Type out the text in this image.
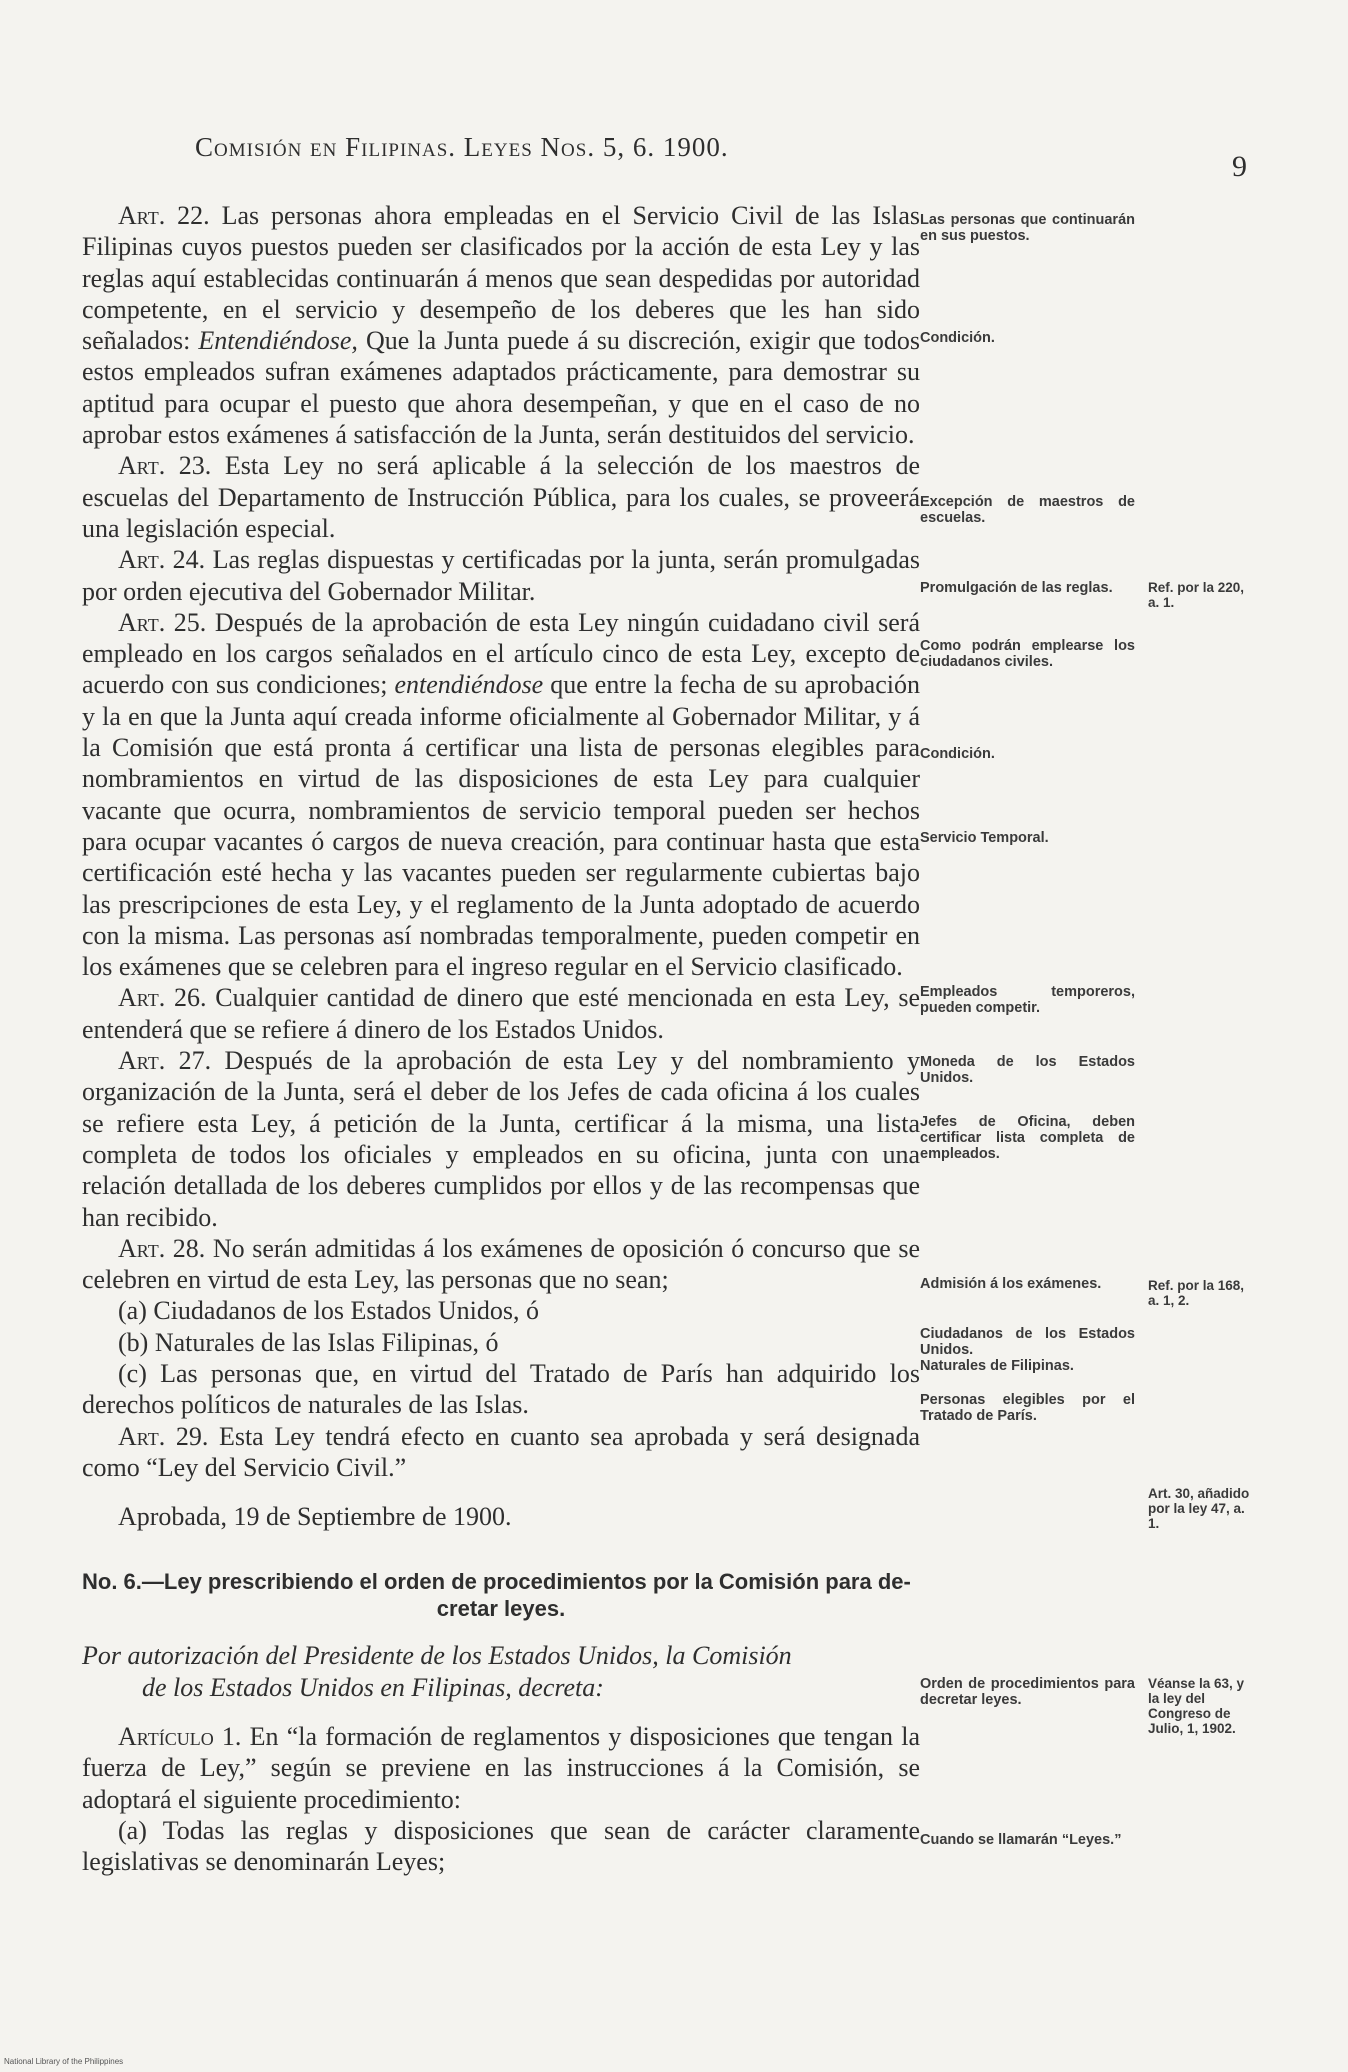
Comisión en Filipinas. Leyes Nos. 5, 6. 1900.
9

Art. 22. Las personas ahora empleadas en el Servicio Civil de las Islas Filipinas cuyos puestos pueden ser clasificados por la acción de esta Ley y las reglas aquí establecidas continuarán á menos que sean despedidas por autoridad competente, en el servicio y desempeño de los deberes que les han sido señalados: Entendiéndose, Que la Junta puede á su discreción, exigir que todos estos empleados sufran exámenes adaptados prácticamente, para demostrar su aptitud para ocupar el puesto que ahora desempeñan, y que en el caso de no aprobar estos exámenes á satisfacción de la Junta, serán destituidos del servicio.

Art. 23. Esta Ley no será aplicable á la selección de los maestros de escuelas del Departamento de Instrucción Pública, para los cuales, se proveerá una legislación especial.

Art. 24. Las reglas dispuestas y certificadas por la junta, serán promulgadas por orden ejecutiva del Gobernador Militar.

Art. 25. Después de la aprobación de esta Ley ningún cuidadano civil será empleado en los cargos señalados en el artículo cinco de esta Ley, excepto de acuerdo con sus condiciones; entendiéndose que entre la fecha de su aprobación y la en que la Junta aquí creada informe oficialmente al Gobernador Militar, y á la Comisión que está pronta á certificar una lista de personas elegibles para nombramientos en virtud de las disposiciones de esta Ley para cualquier vacante que ocurra, nombramientos de servicio temporal pueden ser hechos para ocupar vacantes ó cargos de nueva creación, para continuar hasta que esta certificación esté hecha y las vacantes pueden ser regularmente cubiertas bajo las prescripciones de esta Ley, y el reglamento de la Junta adoptado de acuerdo con la misma. Las personas así nombradas temporalmente, pueden competir en los exámenes que se celebren para el ingreso regular en el Servicio clasificado.

Art. 26. Cualquier cantidad de dinero que esté mencionada en esta Ley, se entenderá que se refiere á dinero de los Estados Unidos.

Art. 27. Después de la aprobación de esta Ley y del nombramiento y organización de la Junta, será el deber de los Jefes de cada oficina á los cuales se refiere esta Ley, á petición de la Junta, certificar á la misma, una lista completa de todos los oficiales y empleados en su oficina, junta con una relación detallada de los deberes cumplidos por ellos y de las recompensas que han recibido.

Art. 28. No serán admitidas á los exámenes de oposición ó concurso que se celebren en virtud de esta Ley, las personas que no sean;

(a) Ciudadanos de los Estados Unidos, ó

(b) Naturales de las Islas Filipinas, ó

(c) Las personas que, en virtud del Tratado de París han adquirido los derechos políticos de naturales de las Islas.

Art. 29. Esta Ley tendrá efecto en cuanto sea aprobada y será designada como “Ley del Servicio Civil.”

Aprobada, 19 de Septiembre de 1900.

No. 6.—Ley prescribiendo el orden de procedimientos por la Comisión para de-

cretar leyes.

Por autorización del Presidente de los Estados Unidos, la Comisión

de los Estados Unidos en Filipinas, decreta:

Artículo 1. En “la formación de reglamentos y disposiciones que tengan la fuerza de Ley,” según se previene en las instrucciones á la Comisión, se adoptará el siguiente procedimiento:

(a) Todas las reglas y disposiciones que sean de carácter claramente legislativas se denominarán Leyes;

Las personas que continuarán en sus puestos.
Condición.
Excepción de maestros de escuelas.
Promulgación de las reglas.
Como podrán emplearse los ciudadanos civiles.
Condición.
Servicio Temporal.
Empleados temporeros, pueden competir.
Moneda de los Estados Unidos.
Jefes de Oficina, deben certificar lista completa de empleados.
Admisión á los exámenes.
Ciudadanos de los Estados Unidos.
Naturales de Filipinas.
Personas elegibles por el Tratado de París.
Orden de procedimientos para decretar leyes.
Cuando se llamarán “Leyes.”
Ref. por la 220, a. 1.
Ref. por la 168, a. 1, 2.
Art. 30, añadido por la ley 47, a. 1.
Véanse la 63, y la ley del Congreso de Julio, 1, 1902.
National Library of the Philippines
